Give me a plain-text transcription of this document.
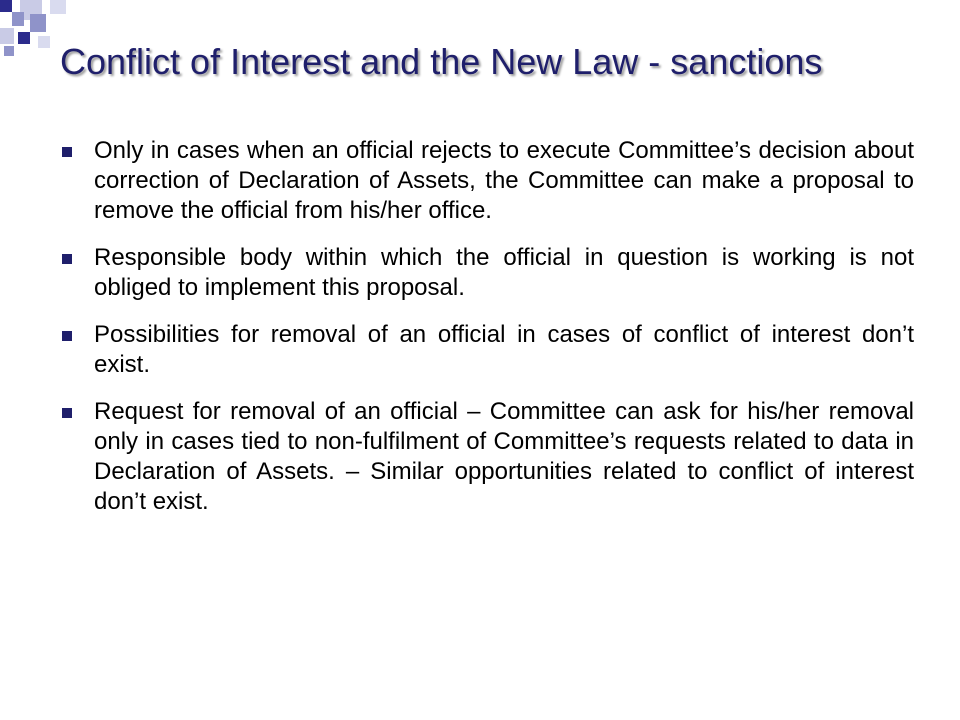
Conflict of Interest and the New Law - sanctions
Only in cases when an official rejects to execute Committee’s decision about correction of Declaration of Assets, the Committee can make a proposal to remove the official from his/her office.
Responsible body within which the official in question is working is not obliged to implement this proposal.
Possibilities for removal of an official in cases of conflict of interest don’t exist.
Request for removal of an official – Committee can ask for his/her removal only in cases tied to non-fulfilment of Committee’s requests related to data in Declaration of Assets. – Similar opportunities related to conflict of interest don’t exist.
